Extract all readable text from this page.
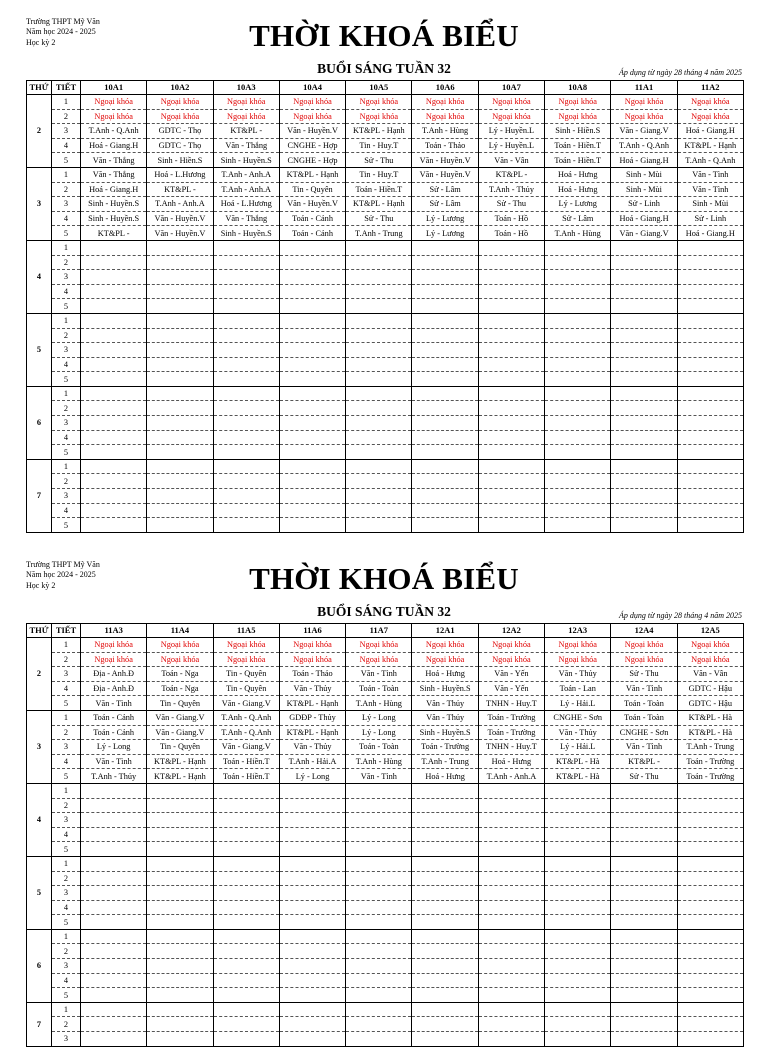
Trường THPT Mỹ Văn
Năm học 2024 - 2025
Học kỳ 2	THỜI KHOÁ BIỂU
BUỔI SÁNG TUẦN 32	Áp dụng từ ngày 28 tháng 4 năm 2025
THỨ	TIẾT	10A1	10A2	10A3	10A4	10A5	10A6	10A7	10A8	11A1	11A2
2	1	Ngoại khóa	Ngoại khóa	Ngoại khóa	Ngoại khóa	Ngoại khóa	Ngoại khóa	Ngoại khóa	Ngoại khóa	Ngoại khóa	Ngoại khóa
	2	Ngoại khóa	Ngoại khóa	Ngoại khóa	Ngoại khóa	Ngoại khóa	Ngoại khóa	Ngoại khóa	Ngoại khóa	Ngoại khóa	Ngoại khóa
	3	T.Anh - Q.Anh	GDTC - Thọ	KT&PL -	Văn - Huyền.V	KT&PL - Hạnh	T.Anh - Hùng	Lý - Huyền.L	Sinh - Hiền.S	Văn - Giang.V	Hoá - Giang.H
	4	Hoá - Giang.H	GDTC - Thọ	Văn - Thắng	CNGHE - Hợp	Tin - Huy.T	Toán - Thảo	Lý - Huyền.L	Toán - Hiền.T	T.Anh - Q.Anh	KT&PL - Hạnh
	5	Văn - Thắng	Sinh - Hiền.S	Sinh - Huyền.S	CNGHE - Hợp	Sử - Thu	Văn - Huyền.V	Văn - Vân	Toán - Hiền.T	Hoá - Giang.H	T.Anh - Q.Anh
3	1	Văn - Thắng	Hoá - L.Hương	T.Anh - Anh.A	KT&PL - Hạnh	Tin - Huy.T	Văn - Huyền.V	KT&PL -	Hoá - Hưng	Sinh - Mùi	Văn - Tình
	2	Hoá - Giang.H	KT&PL -	T.Anh - Anh.A	Tin - Quyên	Toán - Hiền.T	Sử - Lâm	T.Anh - Thủy	Hoá - Hưng	Sinh - Mùi	Văn - Tình
	3	Sinh - Huyền.S	T.Anh - Anh.A	Hoá - L.Hương	Văn - Huyền.V	KT&PL - Hạnh	Sử - Lâm	Sử - Thu	Lý - Lương	Sử - Linh	Sinh - Mùi
	4	Sinh - Huyền.S	Văn - Huyền.V	Văn - Thắng	Toán - Cảnh	Sử - Thu	Lý - Lương	Toán - Hồ	Sử - Lâm	Hoá - Giang.H	Sử - Linh
	5	KT&PL -	Văn - Huyền.V	Sinh - Huyền.S	Toán - Cảnh	T.Anh - Trung	Lý - Lương	Toán - Hồ	T.Anh - Hùng	Văn - Giang.V	Hoá - Giang.H
4	1										
	2										
	3										
	4										
	5										
5	1										
	2										
	3										
	4										
	5										
6	1										
	2										
	3										
	4										
	5										
7	1										
	2										
	3										
	4										
	5										
Trường THPT Mỹ Văn
Năm học 2024 - 2025
Học kỳ 2	THỜI KHOÁ BIỂU
BUỔI SÁNG TUẦN 32	Áp dụng từ ngày 28 tháng 4 năm 2025
THỨ	TIẾT	11A3	11A4	11A5	11A6	11A7	12A1	12A2	12A3	12A4	12A5
2	1	Ngoại khóa	Ngoại khóa	Ngoại khóa	Ngoại khóa	Ngoại khóa	Ngoại khóa	Ngoại khóa	Ngoại khóa	Ngoại khóa	Ngoại khóa
	2	Ngoại khóa	Ngoại khóa	Ngoại khóa	Ngoại khóa	Ngoại khóa	Ngoại khóa	Ngoại khóa	Ngoại khóa	Ngoại khóa	Ngoại khóa
	3	Địa - Anh.Đ	Toán - Nga	Tin - Quyên	Toán - Thảo	Văn - Tình	Hoá - Hưng	Văn - Yến	Văn - Thủy	Sử - Thu	Văn - Vân
	4	Địa - Anh.Đ	Toán - Nga	Tin - Quyên	Văn - Thủy	Toán - Toàn	Sinh - Huyền.S	Văn - Yến	Toán - Lan	Văn - Tình	GDTC - Hậu
	5	Văn - Tình	Tin - Quyên	Văn - Giang.V	KT&PL - Hạnh	T.Anh - Hùng	Văn - Thủy	TNHN - Huy.T	Lý - Hải.L	Toán - Toàn	GDTC - Hậu
3	1	Toán - Cảnh	Văn - Giang.V	T.Anh - Q.Anh	GDĐP - Thủy	Lý - Long	Văn - Thủy	Toán - Trường	CNGHE - Sơn	Toán - Toàn	KT&PL - Hà
	2	Toán - Cảnh	Văn - Giang.V	T.Anh - Q.Anh	KT&PL - Hạnh	Lý - Long	Sinh - Huyền.S	Toán - Trường	Văn - Thủy	CNGHE - Sơn	KT&PL - Hà
	3	Lý - Long	Tin - Quyên	Văn - Giang.V	Văn - Thủy	Toán - Toàn	Toán - Trường	TNHN - Huy.T	Lý - Hải.L	Văn - Tình	T.Anh - Trung
	4	Văn - Tình	KT&PL - Hạnh	Toán - Hiền.T	T.Anh - Hải.A	T.Anh - Hùng	T.Anh - Trung	Hoá - Hưng	KT&PL - Hà	KT&PL -	Toán - Trường
	5	T.Anh - Thủy	KT&PL - Hạnh	Toán - Hiền.T	Lý - Long	Văn - Tình	Hoá - Hưng	T.Anh - Anh.A	KT&PL - Hà	Sử - Thu	Toán - Trường
4	1										
	2										
	3										
	4										
	5										
5	1										
	2										
	3										
	4										
	5										
6	1										
	2										
	3										
	4										
	5										
7	1										
	2										
	3										
